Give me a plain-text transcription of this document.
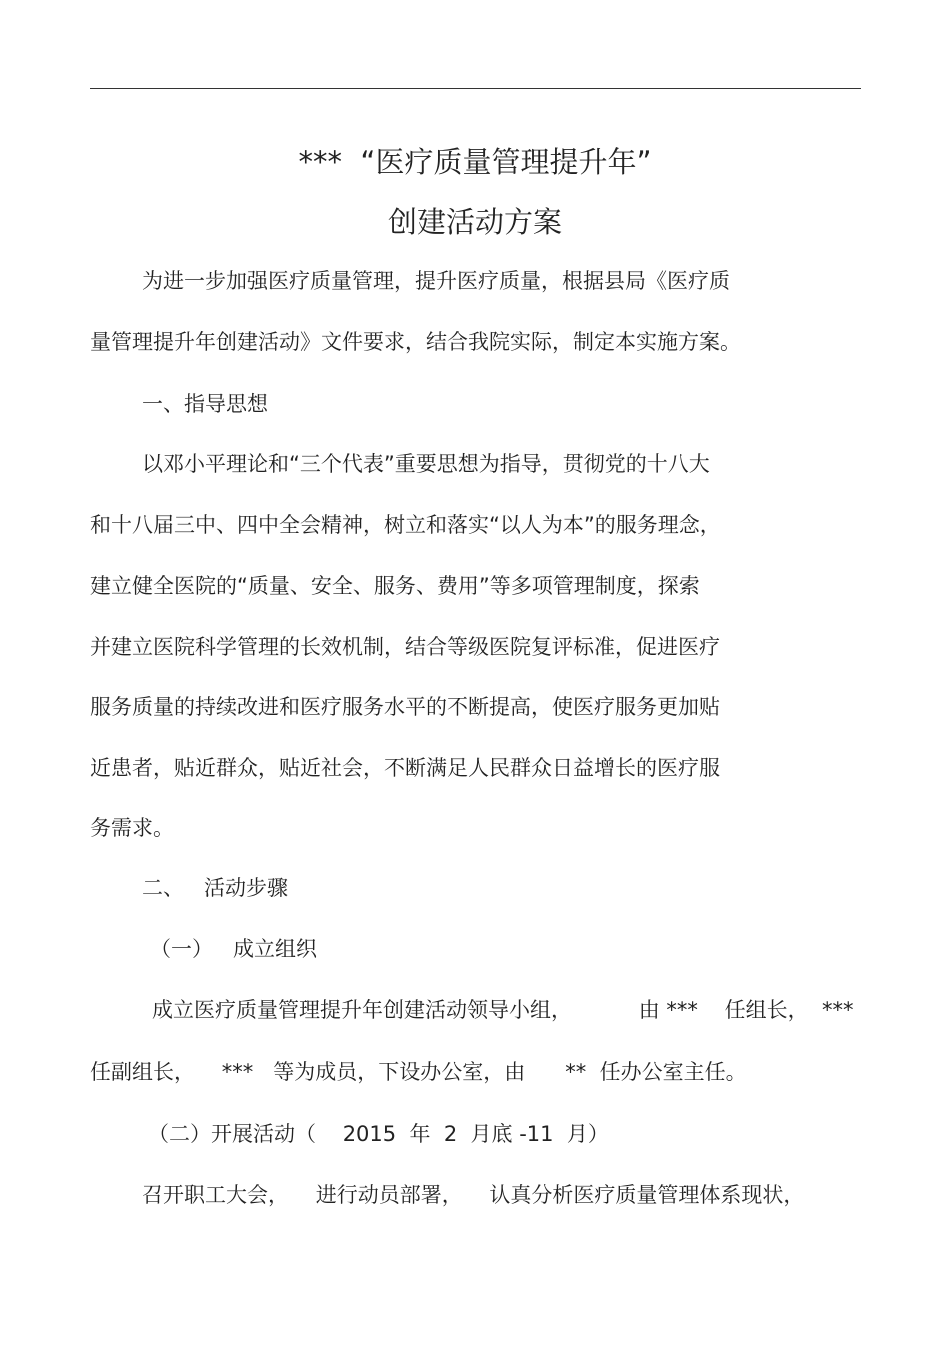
***  “医疗质量管理提升年”
创建活动方案
为进一步加强医疗质量管理，提升医疗质量，根据县局《医疗质
量管理提升年创建活动》文件要求，结合我院实际，制定本实施方案。
一、指导思想
以邓小平理论和“三个代表”重要思想为指导，贯彻党的十八大
和十八届三中、四中全会精神，树立和落实“以人为本”的服务理念，
建立健全医院的“质量、安全、服务、费用”等多项管理制度，探索
并建立医院科学管理的长效机制，结合等级医院复评标准，促进医疗
服务质量的持续改进和医疗服务水平的不断提高，使医疗服务更加贴
近患者，贴近群众，贴近社会，不断满足人民群众日益增长的医疗服
务需求。
二、   活动步骤
（一）   成立组织
成立医疗质量管理提升年创建活动领导小组，          由 ***    任组长，  ***
任副组长，    ***   等为成员，下设办公室，由      **  任办公室主任。
（二）开展活动（    2015  年  2  月底 -11  月）
召开职工大会，    进行动员部署，    认真分析医疗质量管理体系现状，
